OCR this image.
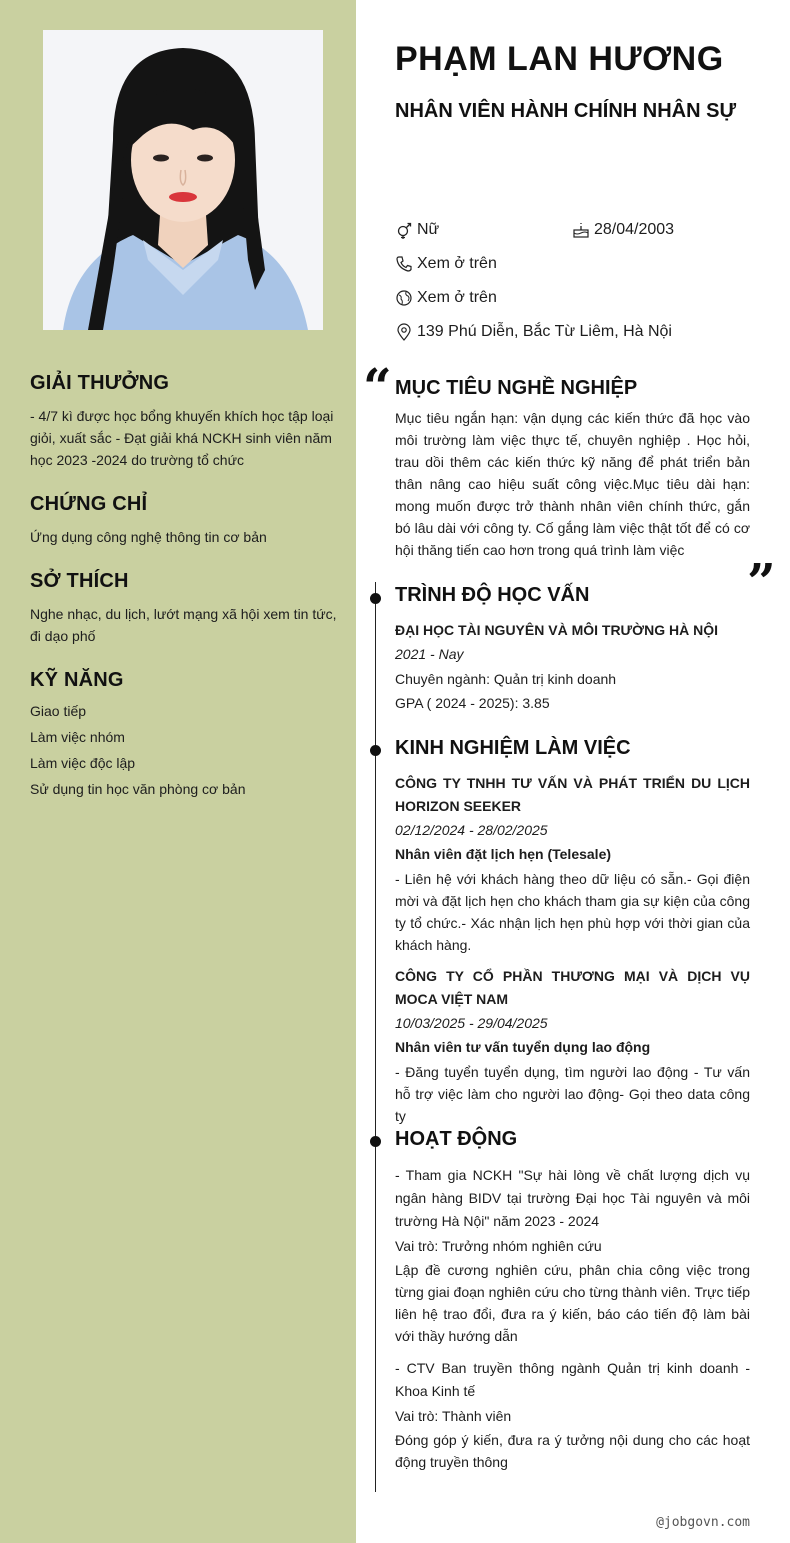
GIẢI THƯỞNG

- 4/7 kì được học bổng khuyến khích học tập loại giỏi, xuất sắc - Đạt giải khá NCKH sinh viên năm học 2023 -2024 do trường tổ chức

CHỨNG CHỈ

Ứng dụng công nghệ thông tin cơ bản

SỞ THÍCH

Nghe nhạc, du lịch, lướt mạng xã hội xem tin tức, đi dạo phố

KỸ NĂNG
Giao tiếp
Làm việc nhóm
Làm việc độc lập
Sử dụng tin học văn phòng cơ bản
PHẠM LAN HƯƠNG
NHÂN VIÊN HÀNH CHÍNH NHÂN SỰ
Nữ	28/04/2003
Xem ở trên
Xem ở trên
139 Phú Diễn, Bắc Từ Liêm, Hà Nội
“ MỤC TIÊU NGHỀ NGHIỆP

Mục tiêu ngắn hạn: vận dụng các kiến thức đã học vào môi trường làm việc thực tế, chuyên nghiệp . Học hỏi, trau dồi thêm các kiến thức kỹ năng để phát triển bản thân nâng cao hiệu suất công việc.Mục tiêu dài hạn: mong muốn được trở thành nhân viên chính thức, gắn bó lâu dài với công ty. Cố gắng làm việc thật tốt để có cơ hội thăng tiến cao hơn trong quá trình làm việc

”
TRÌNH ĐỘ HỌC VẤN
ĐẠI HỌC TÀI NGUYÊN VÀ MÔI TRƯỜNG HÀ NỘI
2021 - Nay
Chuyên ngành: Quản trị kinh doanh
GPA ( 2024 - 2025): 3.85
KINH NGHIỆM LÀM VIỆC
CÔNG TY TNHH TƯ VẤN VÀ PHÁT TRIỂN DU LỊCH HORIZON SEEKER
02/12/2024 - 28/02/2025
Nhân viên đặt lịch hẹn (Telesale)

- Liên hệ với khách hàng theo dữ liệu có sẵn.- Gọi điện mời và đặt lịch hẹn cho khách tham gia sự kiện của công ty tổ chức.- Xác nhận lịch hẹn phù hợp với thời gian của khách hàng.

CÔNG TY CỔ PHẦN THƯƠNG MẠI VÀ DỊCH VỤ MOCA VIỆT NAM
10/03/2025 - 29/04/2025
Nhân viên tư vấn tuyển dụng lao động

- Đăng tuyển tuyển dụng, tìm người lao động - Tư vấn hỗ trợ việc làm cho người lao động- Gọi theo data công ty

HOẠT ĐỘNG

- Tham gia NCKH "Sự hài lòng về chất lượng dịch vụ ngân hàng BIDV tại trường Đại học Tài nguyên và môi trường Hà Nội" năm 2023 - 2024

Vai trò: Trưởng nhóm nghiên cứu

Lập đề cương nghiên cứu, phân chia công việc trong từng giai đoạn nghiên cứu cho từng thành viên. Trực tiếp liên hệ trao đổi, đưa ra ý kiến, báo cáo tiến độ làm bài với thầy hướng dẫn

- CTV Ban truyền thông ngành Quản trị kinh doanh - Khoa Kinh tế

Vai trò: Thành viên

Đóng góp ý kiến, đưa ra ý tưởng nội dung cho các hoạt động truyền thông

@jobgovn.com
